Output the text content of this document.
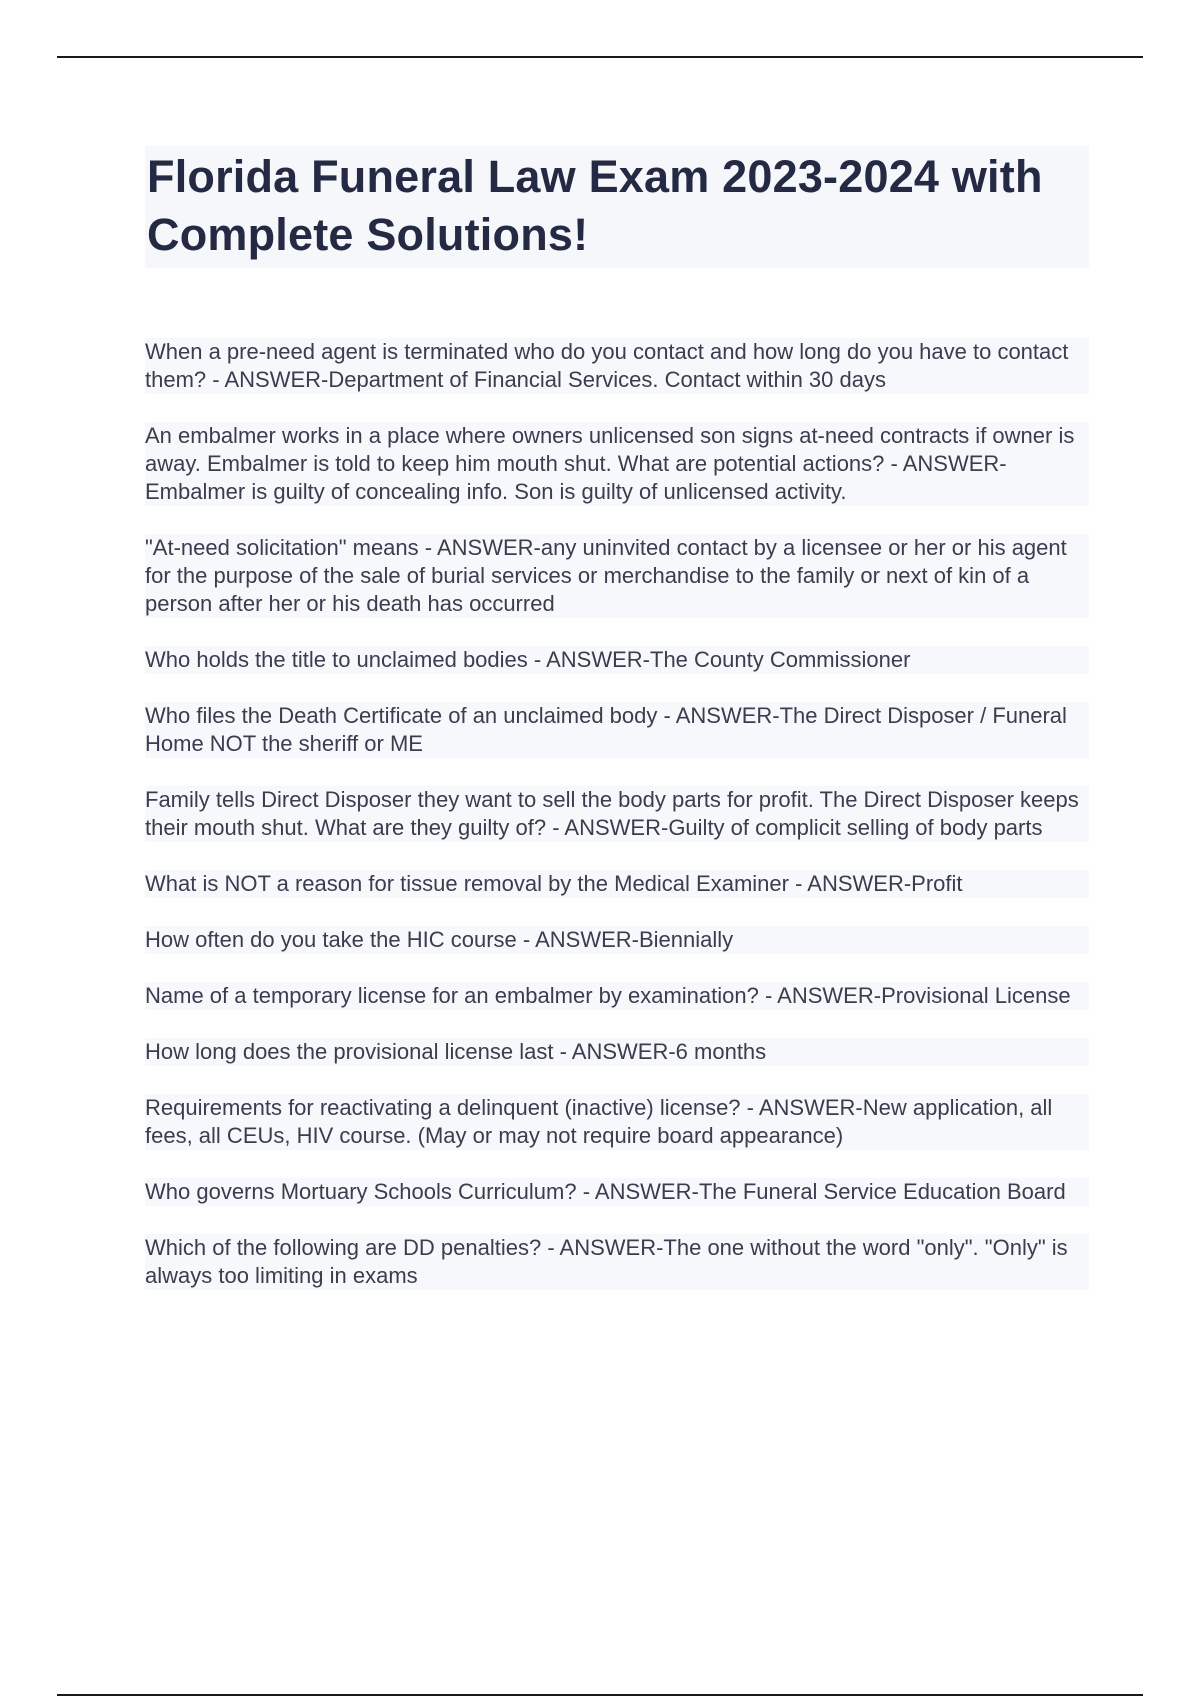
Florida Funeral Law Exam 2023-2024 with Complete Solutions!

When a pre-need agent is terminated who do you contact and how long do you have to contact them? - ANSWER-Department of Financial Services. Contact within 30 days

An embalmer works in a place where owners unlicensed son signs at-need contracts if owner is away. Embalmer is told to keep him mouth shut. What are potential actions? - ANSWER-Embalmer is guilty of concealing info. Son is guilty of unlicensed activity.

"At-need solicitation" means - ANSWER-any uninvited contact by a licensee or her or his agent for the purpose of the sale of burial services or merchandise to the family or next of kin of a person after her or his death has occurred

Who holds the title to unclaimed bodies - ANSWER-The County Commissioner

Who files the Death Certificate of an unclaimed body - ANSWER-The Direct Disposer / Funeral Home NOT the sheriff or ME

Family tells Direct Disposer they want to sell the body parts for profit. The Direct Disposer keeps their mouth shut. What are they guilty of? - ANSWER-Guilty of complicit selling of body parts

What is NOT a reason for tissue removal by the Medical Examiner - ANSWER-Profit

How often do you take the HIC course - ANSWER-Biennially

Name of a temporary license for an embalmer by examination? - ANSWER-Provisional License

How long does the provisional license last - ANSWER-6 months

Requirements for reactivating a delinquent (inactive) license? - ANSWER-New application, all fees, all CEUs, HIV course. (May or may not require board appearance)

Who governs Mortuary Schools Curriculum? - ANSWER-The Funeral Service Education Board

Which of the following are DD penalties? - ANSWER-The one without the word "only". "Only" is always too limiting in exams
